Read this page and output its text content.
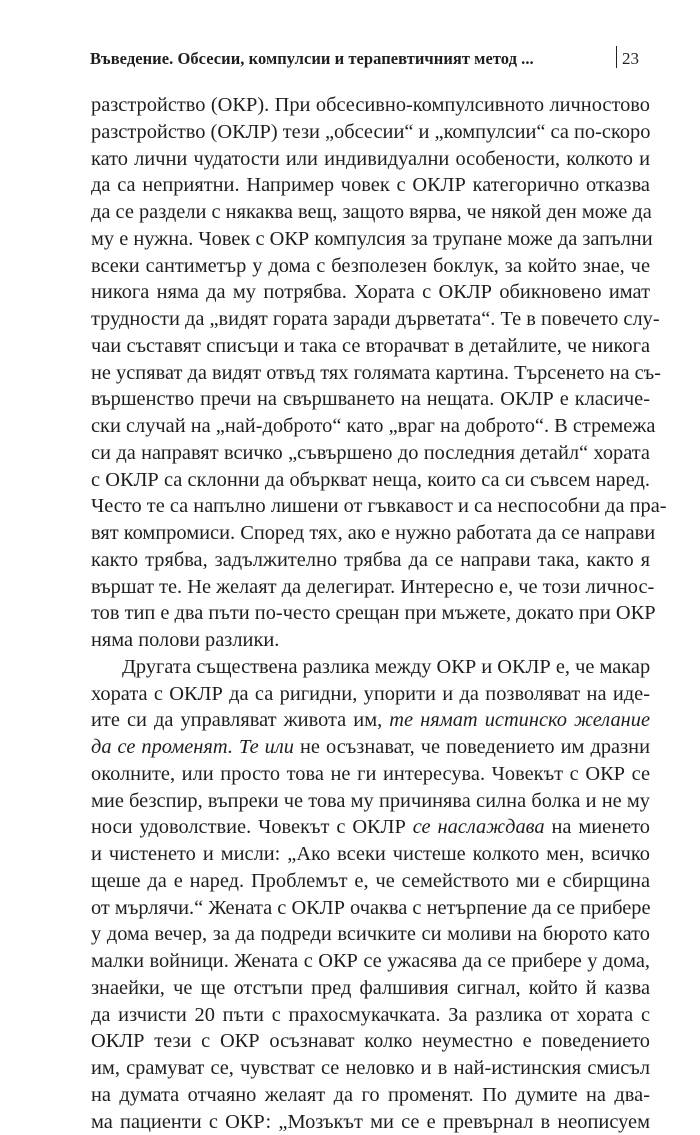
Въведение. Обсесии, компулсии и терапевтичният метод ...	23
разстройство (ОКР). При обсесивно-компулсивното личностово
разстройство (ОКЛР) тези „обсесии“ и „компулсии“ са по-скоро
като лични чудатости или индивидуални особености, колкото и
да са неприятни. Например човек с ОКЛР категорично отказва
да се раздели с някаква вещ, защото вярва, че някой ден може да
му е нужна. Човек с ОКР компулсия за трупане може да запълни
всеки сантиметър у дома с безполезен боклук, за който знае, че
никога няма да му потрябва. Хората с ОКЛР обикновено имат
трудности да „видят гората заради дърветата“. Те в повечето слу-
чаи съставят списъци и така се вторачват в детайлите, че никога
не успяват да видят отвъд тях голямата картина. Търсенето на съ-
вършенство пречи на свършването на нещата. ОКЛР е класиче-
ски случай на „най-доброто“ като „враг на доброто“. В стремежа
си да направят всичко „съвършено до последния детайл“ хората
с ОКЛР са склонни да объркват неща, които са си съвсем наред.
Често те са напълно лишени от гъвкавост и са неспособни да пра-
вят компромиси. Според тях, ако е нужно работата да се направи
както трябва, задължително трябва да се направи така, както я
вършат те. Не желаят да делегират. Интересно е, че този личнос-
тов тип е два пъти по-често срещан при мъжете, докато при ОКР
няма полови разлики.
Другата съществена разлика между ОКР и ОКЛР е, че макар
хората с ОКЛР да са ригидни, упорити и да позволяват на иде-
ите си да управляват живота им, те нямат истинско желание
да се променят. Те или не осъзнават, че поведението им дразни
околните, или просто това не ги интересува. Човекът с ОКР се
мие безспир, въпреки че това му причинява силна болка и не му
носи удоволствие. Човекът с ОКЛР се наслаждава на миенето
и чистенето и мисли: „Ако всеки чистеше колкото мен, всичко
щеше да е наред. Проблемът е, че семейството ми е сбирщина
от мърлячи.“ Жената с ОКЛР очаква с нетърпение да се прибере
у дома вечер, за да подреди всичките си моливи на бюрото като
малки войници. Жената с ОКР се ужасява да се прибере у дома,
знаейки, че ще отстъпи пред фалшивия сигнал, който й казва
да изчисти 20 пъти с прахосмукачката. За разлика от хората с
ОКЛР тези с ОКР осъзнават колко неуместно е поведението
им, срамуват се, чувстват се неловко и в най-истинския смисъл
на думата отчаяно желаят да го променят. По думите на два-
ма пациенти с ОКР: „Мозъкът ми се е превърнал в неописуем
